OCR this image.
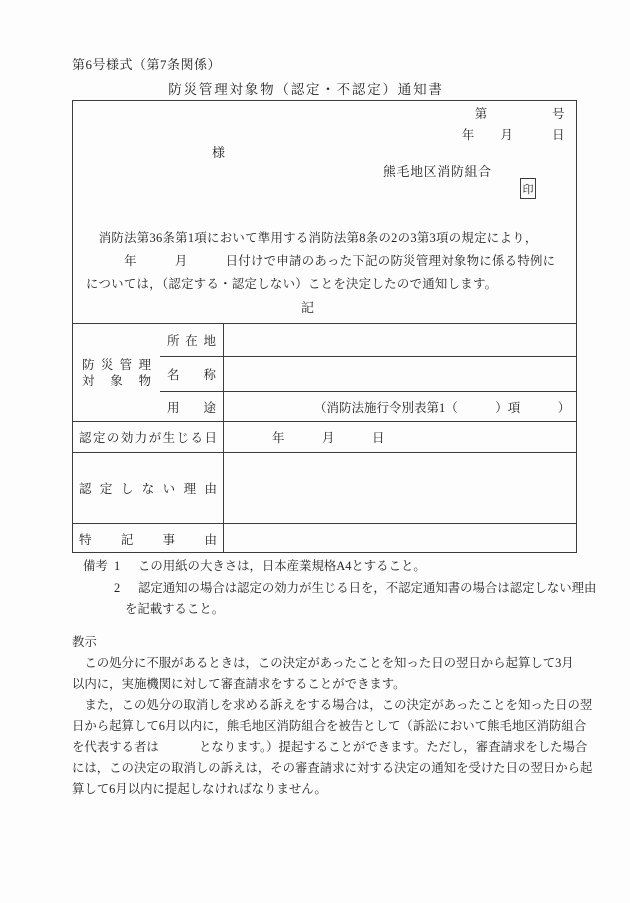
第6号様式（第7条関係）
防災管理対象物（認定・不認定）通知書
第　　　　　号
年　　月　　　日
様
熊毛地区消防組合
印
　消防法第36条第1項において準用する消防法第8条の2の3第3項の規定により，
　　　年　　　月　　　日付けで申請のあった下記の防災管理対象物に係る特例に
については，（認定する・認定しない）ことを決定したので通知します。
記
防 災 管 理
対 象 物
所 在 地
名 称
用 途	（消防法施行令別表第1（　　　）項　　　）
認定の効力が生じる日	年　　　月　　　日
認 定 し な い 理 由
特　記　事　由
備考 1 この用紙の大きさは，日本産業規格A4とすること。
2 認定通知の場合は認定の効力が生じる日を，不認定通知書の場合は認定しない理由
を記載すること。
教示
　この処分に不服があるときは，この決定があったことを知った日の翌日から起算して3月
以内に，実施機関に対して審査請求をすることができます。
　また，この処分の取消しを求める訴えをする場合は，この決定があったことを知った日の翌
日から起算して6月以内に，熊毛地区消防組合を被告として（訴訟において熊毛地区消防組合
を代表する者は　　　 となります。）提起することができます。ただし，審査請求をした場合
には，この決定の取消しの訴えは，その審査請求に対する決定の通知を受けた日の翌日から起
算して6月以内に提起しなければなりません。
